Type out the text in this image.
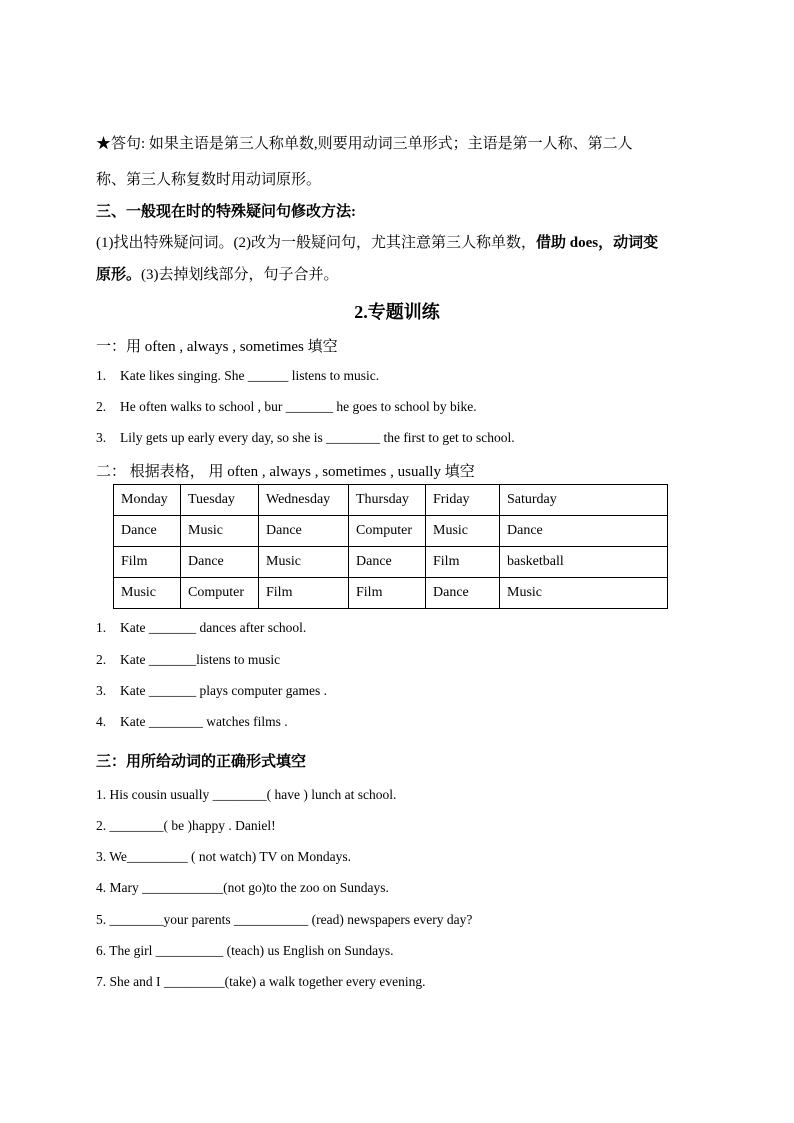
★答句: 如果主语是第三人称单数,则要用动词三单形式；主语是第一人称、第二人
称、第三人称复数时用动词原形。
三、一般现在时的特殊疑问句修改方法:
(1)找出特殊疑问词。(2)改为一般疑问句，尤其注意第三人称单数，借助 does，动词变
原形。(3)去掉划线部分，句子合并。
2.专题训练
一：用 often , always , sometimes 填空
1. Kate likes singing. She ______ listens to music.
2. He often walks to school , bur _______ he goes to school by bike.
3. Lily gets up early every day, so she is ________ the first to get to school.
二： 根据表格， 用 often , always , sometimes , usually 填空
Monday	Tuesday	Wednesday	Thursday	Friday	Saturday
Dance	Music	Dance	Computer	Music	Dance
Film	Dance	Music	Dance	Film	basketball
Music	Computer	Film	Film	Dance	Music
1. Kate _______ dances after school.
2. Kate _______listens to music
3. Kate _______ plays computer games .
4. Kate ________ watches films .
三：用所给动词的正确形式填空
1. His cousin usually ________( have ) lunch at school.
2. ________( be )happy . Daniel!
3. We_________ ( not watch) TV on Mondays.
4. Mary ____________(not go)to the zoo on Sundays.
5. ________your parents ___________ (read) newspapers every day?
6. The girl __________ (teach) us English on Sundays.
7. She and I _________(take) a walk together every evening.
